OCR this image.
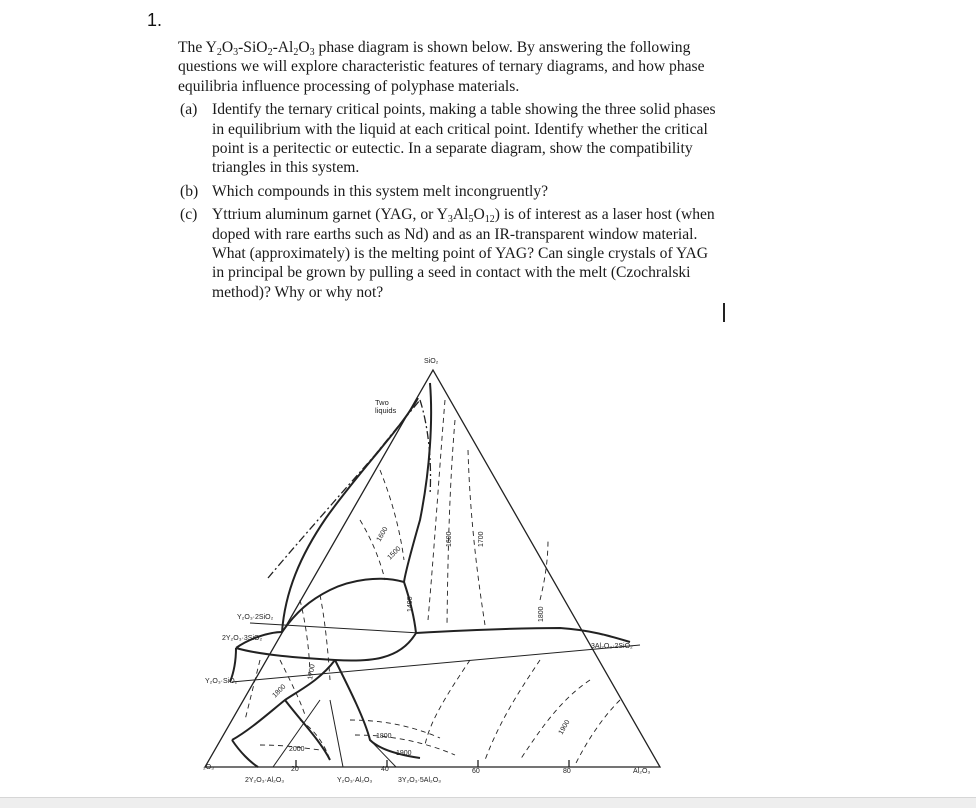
1.

The $Y_2O_3-SiO_2-Al_2O_3$ phase diagram is shown below. By answering the following questions we will explore characteristic features of ternary diagrams, and how phase equilibria influence processing of polyphase materials.

(a) Identify the ternary critical points, making a table showing the three solid phases in equilibrium with the liquid at each critical point. Identify whether the critical point is a peritectic or eutectic. In a separate diagram, show the compatibility triangles in this system.
(b) Which compounds in this system melt incongruently?
(c) Yttrium aluminum garnet (YAG, or $Y_3Al_5O_{12}$) is of interest as a laser host (when doped with rare earths such as Nd) and as an IR-transparent window material. What (approximately) is the melting point of YAG? Can single crystals of YAG in principal be grown by pulling a seed in contact with the melt (Czochralski method)? Why or why not?
SiO₂
₂O₃
Al₂O₃
Two
liquids
Y₂O₃·2SiO₂
2Y₂O₃·3SiO₂
Y₂O₃·SiO₂
3Al₂O₃·2SiO₂
2Y₂O₃·Al₂O₃	Y₂O₃·Al₂O₃	3Y₂O₃·5Al₂O₃
20	40	60	80
1600
1500
1400
1600	1700
1800
1900
1800
1700
1800
1900
2000
